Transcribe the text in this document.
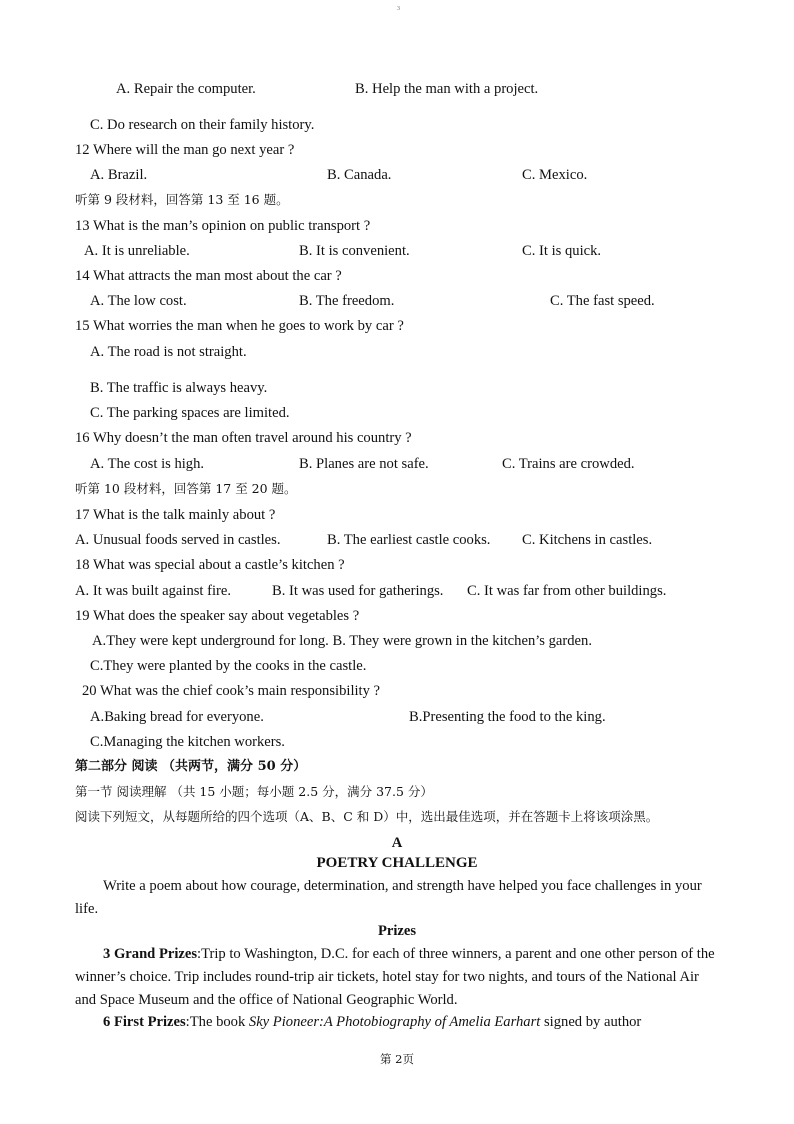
3
A. Repair the computer.	B. Help the man with a project.
C. Do research on their family history.
12 Where will the man go next year ?
A. Brazil.	B. Canada.	C. Mexico.
听第 9 段材料，回答第 13 至 16 题。
13 What is the man’s opinion on public transport ?
A. It is unreliable.	B. It is convenient.	C. It is quick.
14 What attracts the man most about the car ?
A. The low cost.	B. The freedom.	C. The fast speed.
15 What worries the man when he goes to work by car ?
A. The road is not straight.
B. The traffic is always heavy.
C. The parking spaces are limited.
16 Why doesn’t the man often travel around his country ?
A. The cost is high.	B. Planes are not safe.	C. Trains are crowded.
听第 10 段材料，回答第 17 至 20 题。
17 What is the talk mainly about ?
A. Unusual foods served in castles.	B. The earliest castle cooks. C. Kitchens in castles.
18 What was special about a castle’s kitchen ?
A. It was built against fire.	B. It was used for gatherings. C. It was far from other buildings.
19 What does the speaker say about vegetables ?
A.They were kept underground for long. B. They were grown in the kitchen’s garden.
C.They were planted by the cooks in the castle.
20 What was the chief cook’s main responsibility ?
A.Baking bread for everyone.	B.Presenting the food to the king.
C.Managing the kitchen workers.
第二部分 阅读 （共两节，满分 50 分）
第一节 阅读理解 （共 15 小题；每小题 2.5 分，满分 37.5 分）
阅读下列短文，从每题所给的四个选项（A、B、C 和 D）中，选出最佳选项，并在答题卡上将该项涂黑。
A
POETRY CHALLENGE
Write a poem about how courage, determination, and strength have helped you face challenges in your life.
Prizes
3 Grand Prizes:Trip to Washington, D.C. for each of three winners, a parent and one other person of the winner’s choice. Trip includes round-trip air tickets, hotel stay for two nights, and tours of the National Air and Space Museum and the office of National Geographic World.
6 First Prizes:The book Sky Pioneer:A Photobiography of Amelia Earhart signed by author
第 2页
